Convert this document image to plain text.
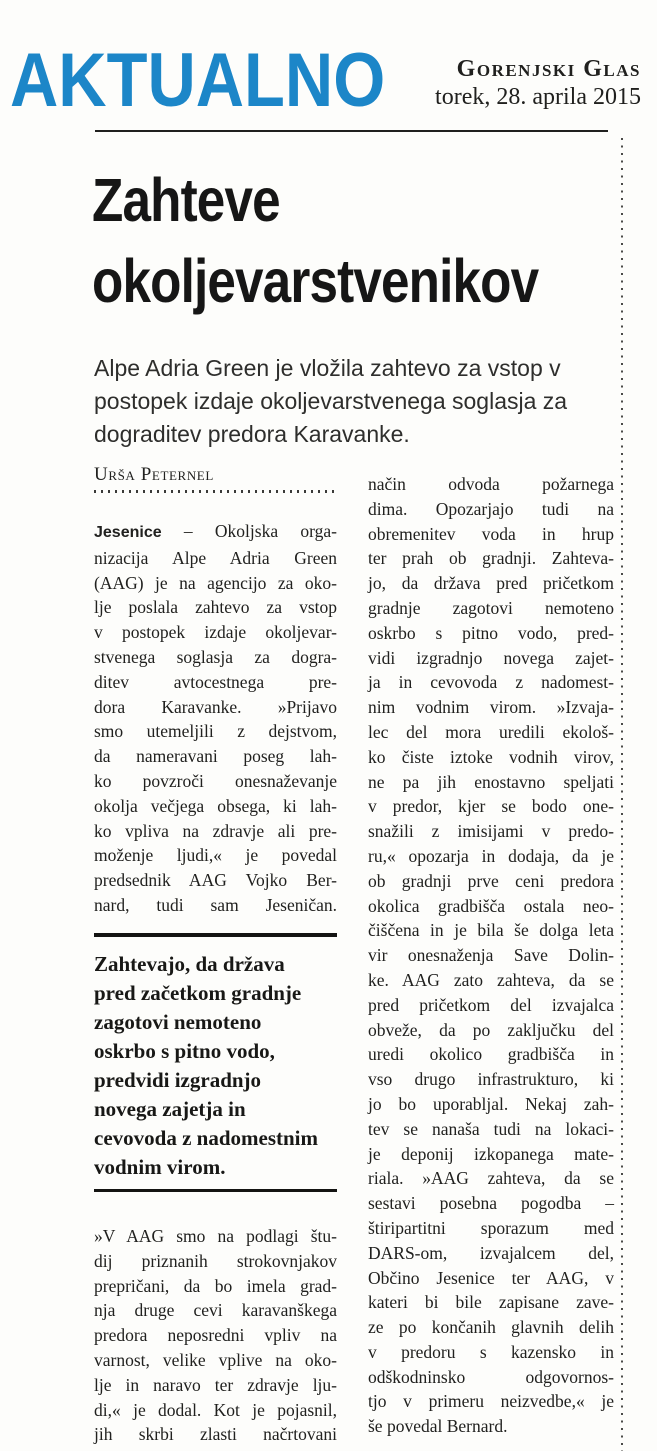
AKTUALNO	Gorenjski Glas
torek, 28. aprila 2015
Zahteve
okoljevarstvenikov
Alpe Adria Green je vložila zahtevo za vstop v
postopek izdaje okoljevarstvenega soglasja za
dograditev predora Karavanke.
Urša Peternel
Jesenice – Okoljska orga-
nizacija Alpe Adria Green
(AAG) je na agencijo za oko-
lje poslala zahtevo za vstop
v postopek izdaje okoljevar-
stvenega soglasja za dogra-
ditev avtocestnega pre-
dora Karavanke. »Prijavo
smo utemeljili z dejstvom,
da nameravani poseg lah-
ko povzroči onesnaževanje
okolja večjega obsega, ki lah-
ko vpliva na zdravje ali pre-
moženje ljudi,« je povedal
predsednik AAG Vojko Ber-
nard, tudi sam Jeseničan.
Zahtevajo, da država
pred začetkom gradnje
zagotovi nemoteno
oskrbo s pitno vodo,
predvidi izgradnjo
novega zajetja in
cevovoda z nadomestnim
vodnim virom.
»V AAG smo na podlagi štu-
dij priznanih strokovnjakov
prepričani, da bo imela grad-
nja druge cevi karavanškega
predora neposredni vpliv na
varnost, velike vplive na oko-
lje in naravo ter zdravje lju-
di,« je dodal. Kot je pojasnil,
jih skrbi zlasti načrtovani
način odvoda požarnega
dima. Opozarjajo tudi na
obremenitev voda in hrup
ter prah ob gradnji. Zahteva-
jo, da država pred pričetkom
gradnje zagotovi nemoteno
oskrbo s pitno vodo, pred-
vidi izgradnjo novega zajet-
ja in cevovoda z nadomest-
nim vodnim virom. »Izvaja-
lec del mora uredili ekološ-
ko čiste iztoke vodnih virov,
ne pa jih enostavno speljati
v predor, kjer se bodo one-
snažili z imisijami v predo-
ru,« opozarja in dodaja, da je
ob gradnji prve ceni predora
okolica gradbišča ostala neo-
čiščena in je bila še dolga leta
vir onesnaženja Save Dolin-
ke. AAG zato zahteva, da se
pred pričetkom del izvajalca
obveže, da po zaključku del
uredi okolico gradbišča in
vso drugo infrastrukturo, ki
jo bo uporabljal. Nekaj zah-
tev se nanaša tudi na lokaci-
je deponij izkopanega mate-
riala. »AAG zahteva, da se
sestavi posebna pogodba –
štiripartitni sporazum med
DARS-om, izvajalcem del,
Občino Jesenice ter AAG, v
kateri bi bile zapisane zave-
ze po končanih glavnih delih
v predoru s kazensko in
odškodninsko odgovornos-
tjo v primeru neizvedbe,« je
še povedal Bernard.
